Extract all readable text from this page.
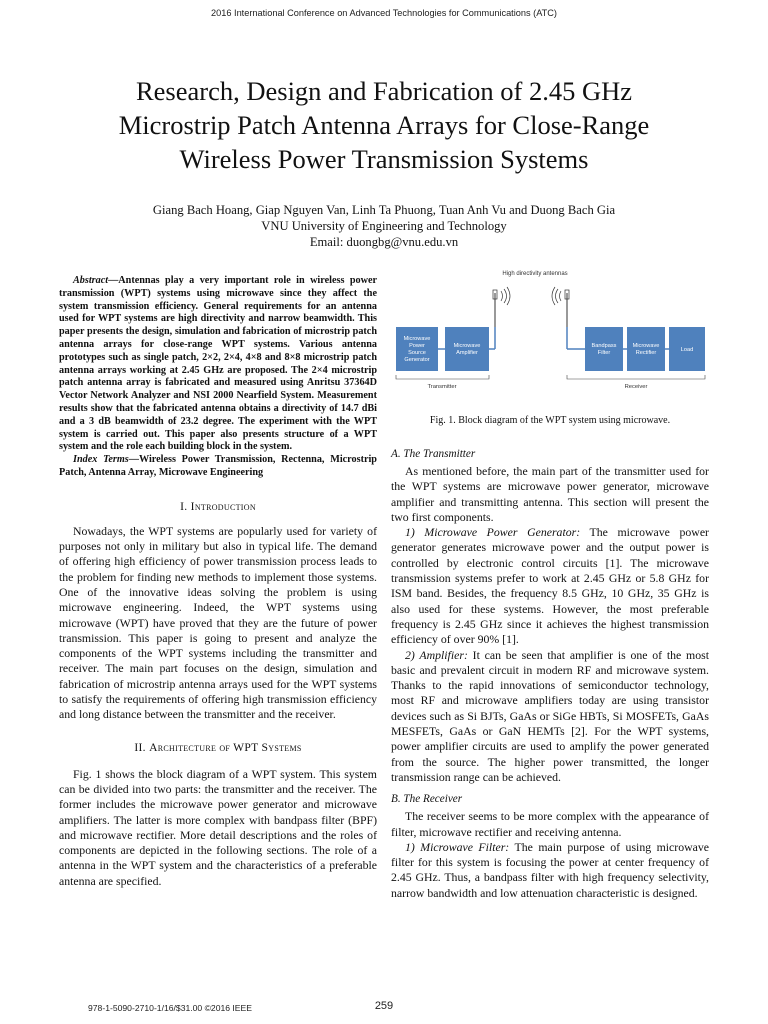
2016 International Conference on Advanced Technologies for Communications (ATC)
Research, Design and Fabrication of 2.45 GHz
Microstrip Patch Antenna Arrays for Close-Range
Wireless Power Transmission Systems
Giang Bach Hoang, Giap Nguyen Van, Linh Ta Phuong, Tuan Anh Vu and Duong Bach Gia
VNU University of Engineering and Technology
Email: duongbg@vnu.edu.vn

Abstract—Antennas play a very important role in wireless power transmission (WPT) systems using microwave since they affect the system transmission efficiency. General requirements for an antenna used for WPT systems are high directivity and narrow beamwidth. This paper presents the design, simulation and fabrication of microstrip patch antenna arrays for close-range WPT systems. Various antenna prototypes such as single patch, 2×2, 2×4, 4×8 and 8×8 microstrip patch antenna arrays working at 2.45 GHz are proposed. The 2×4 microstrip patch antenna array is fabricated and measured using Anritsu 37364D Vector Network Analyzer and NSI 2000 Nearfield System. Measurement results show that the fabricated antenna obtains a directivity of 14.7 dBi and a 3 dB beamwidth of 23.2 degree. The experiment with the WPT system is carried out. This paper also presents structure of a WPT system and the role each building block in the system.

Index Terms—Wireless Power Transmission, Rectenna, Microstrip Patch, Antenna Array, Microwave Engineering

I. Introduction

Nowadays, the WPT systems are popularly used for variety of purposes not only in military but also in typical life. The demand of offering high efficiency of power transmission process leads to the problem for finding new methods to implement those systems. One of the innovative ideas solving the problem is using microwave engineering. Indeed, the WPT systems using microwave (WPT) have proved that they are the future of power transmission. This paper is going to present and analyze the components of the WPT systems including the transmitter and receiver. The main part focuses on the design, simulation and fabrication of microstrip antenna arrays used for the WPT systems to satisfy the requirements of offering high transmission efficiency and long distance between the transmitter and the receiver.

II. Architecture of WPT Systems

Fig. 1 shows the block diagram of a WPT system. This system can be divided into two parts: the transmitter and the receiver. The former includes the microwave power generator and microwave amplifiers. The latter is more complex with bandpass filter (BPF) and microwave rectifier. More detail descriptions and the roles of components are depicted in the following sections. The role of a antenna in the WPT system and the characteristics of a preferable antenna are specified.

High directivity antennas
Microwave
Power
Source
Generator
Microwave
Amplifier
Bandpass
Filter
Microwave
Rectifier	Load
Transmitter	Receiver

Fig. 1. Block diagram of the WPT system using microwave.

A. The Transmitter

As mentioned before, the main part of the transmitter used for the WPT systems are microwave power generator, microwave amplifier and transmitting antenna. This section will present the two first components.

1) Microwave Power Generator: The microwave power generator generates microwave power and the output power is controlled by electronic control circuits [1]. The microwave transmission systems prefer to work at 2.45 GHz or 5.8 GHz for ISM band. Besides, the frequency 8.5 GHz, 10 GHz, 35 GHz is also used for these systems. However, the most preferable frequency is 2.45 GHz since it achieves the highest transmission efficiency of over 90% [1].

2) Amplifier: It can be seen that amplifier is one of the most basic and prevalent circuit in modern RF and microwave system. Thanks to the rapid innovations of semiconductor technology, most RF and microwave amplifiers today are using transistor devices such as Si BJTs, GaAs or SiGe HBTs, Si MOSFETs, GaAs MESFETs, GaAs or GaN HEMTs [2]. For the WPT systems, power amplifier circuits are used to amplify the power generated from the source. The higher power transmitted, the longer transmission range can be achieved.

B. The Receiver

The receiver seems to be more complex with the appearance of filter, microwave rectifier and receiving antenna.

1) Microwave Filter: The main purpose of using microwave filter for this system is focusing the power at center frequency of 2.45 GHz. Thus, a bandpass filter with high frequency selectivity, narrow bandwidth and low attenuation characteristic is designed.

978-1-5090-2710-1/16/$31.00 ©2016 IEEE	259
